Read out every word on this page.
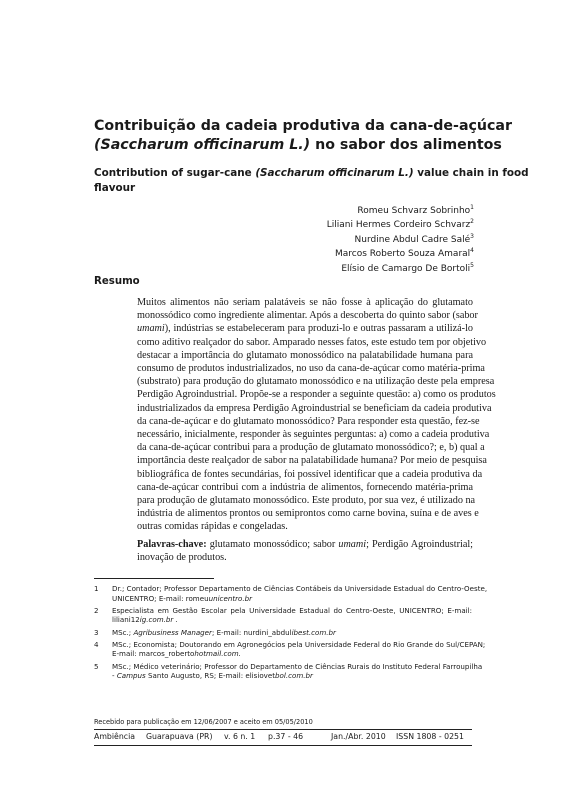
Contribuição da cadeia produtiva da cana-de-açúcar
(Saccharum officinarum L.) no sabor dos alimentos
Contribution of sugar-cane (Saccharum officinarum L.) value chain in food
flavour
Romeu Schvarz Sobrinho$^1$
Liliani Hermes Cordeiro Schvarz$^2$
Nurdine Abdul Cadre Salé$^3$
Marcos Roberto Souza Amaral$^4$
Elísio de Camargo De Bortoli$^5$
Resumo
Muitos alimentos não seriam palatáveis se não fosse à aplicação do glutamato
monossódico como ingrediente alimentar. Após a descoberta do quinto sabor (sabor
umami), indústrias se estabeleceram para produzi-lo e outras passaram a utilizá-lo
como aditivo realçador do sabor. Amparado nesses fatos, este estudo tem por objetivo
destacar a importância do glutamato monossódico na palatabilidade humana para
consumo de produtos industrializados, no uso da cana-de-açúcar como matéria-prima
(substrato) para produção do glutamato monossódico e na utilização deste pela empresa
Perdigão Agroindustrial. Propõe-se a responder a seguinte questão: a) como os produtos
industrializados da empresa Perdigão Agroindustrial se beneficiam da cadeia produtiva
da cana-de-açúcar e do glutamato monossódico? Para responder esta questão, fez-se
necessário, inicialmente, responder às seguintes perguntas: a) como a cadeia produtiva
da cana-de-açúcar contribui para a produção de glutamato monossódico?; e, b) qual a
importância deste realçador de sabor na palatabilidade humana? Por meio de pesquisa
bibliográfica de fontes secundárias, foi possível identificar que a cadeia produtiva da
cana-de-açúcar contribui com a indústria de alimentos, fornecendo matéria-prima
para produção de glutamato monossódico. Este produto, por sua vez, é utilizado na
indústria de alimentos prontos ou semiprontos como carne bovina, suína e de aves e
outras comidas rápidas e congeladas.
Palavras-chave: glutamato monossódico; sabor umami; Perdigão Agroindustrial;
inovação de produtos.
1 Dr.; Contador; Professor Departamento de Ciências Contábeis da Universidade Estadual do Centro-Oeste,
UNICENTRO; E-mail: romeuunicentro.br
2 Especialista em Gestão Escolar pela Universidade Estadual do Centro-Oeste, UNICENTRO; E-mail:
liliani12ig.com.br .
3 MSc.; Agribusiness Manager; E-mail: nurdini_abdulibest.com.br
4 MSc.; Economista; Doutorando em Agronegócios pela Universidade Federal do Rio Grande do Sul/CEPAN;
E-mail: marcos_robertohotmail.com.
5 MSc.; Médico veterinário; Professor do Departamento de Ciências Rurais do Instituto Federal Farroupilha
- Campus Santo Augusto, RS; E-mail: elisiovetbol.com.br
Recebido para publicação em 12/06/2007 e aceito em 05/05/2010
Ambiência Guarapuava (PR) v. 6 n. 1 p.37 - 46	Jan./Abr. 2010 ISSN 1808 - 0251
